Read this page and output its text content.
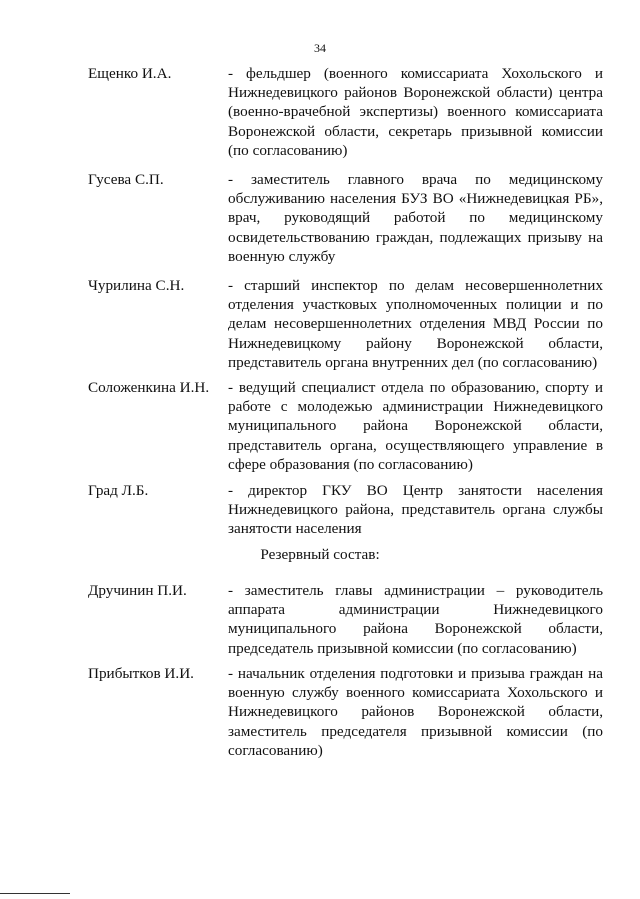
34
Ещенко И.А.	- фельдшер (военного комиссариата Хохольского и Нижнедевицкого районов Воронежской области) центра (военно-врачебной экспертизы) военного комиссариата Воронежской области, секретарь призывной комиссии (по согласованию)
Гусева С.П.	- заместитель главного врача по медицинскому обслуживанию населения БУЗ ВО «Нижнедевицкая РБ», врач, руководящий работой по медицинскому освидетельствованию граждан, подлежащих призыву на военную службу
Чурилина С.Н.	- старший инспектор по делам несовершеннолетних отделения участковых уполномоченных полиции и по делам несовершеннолетних отделения МВД России по Нижнедевицкому району Воронежской области, представитель органа внутренних дел (по согласованию)
Соложенкина И.Н.	- ведущий специалист отдела по образованию, спорту и работе с молодежью администрации Нижнедевицкого муниципального района Воронежской области, представитель органа, осуществляющего управление в сфере образования (по согласованию)
Град Л.Б.	- директор ГКУ ВО Центр занятости населения Нижнедевицкого района, представитель органа службы занятости населения
Резервный состав:
Дручинин П.И.	- заместитель главы администрации – руководитель аппарата администрации Нижнедевицкого муниципального района Воронежской области, председатель призывной комиссии (по согласованию)
Прибытков И.И.	- начальник отделения подготовки и призыва граждан на военную службу военного комиссариата Хохольского и Нижнедевицкого районов Воронежской области, заместитель председателя призывной комиссии (по согласованию)
